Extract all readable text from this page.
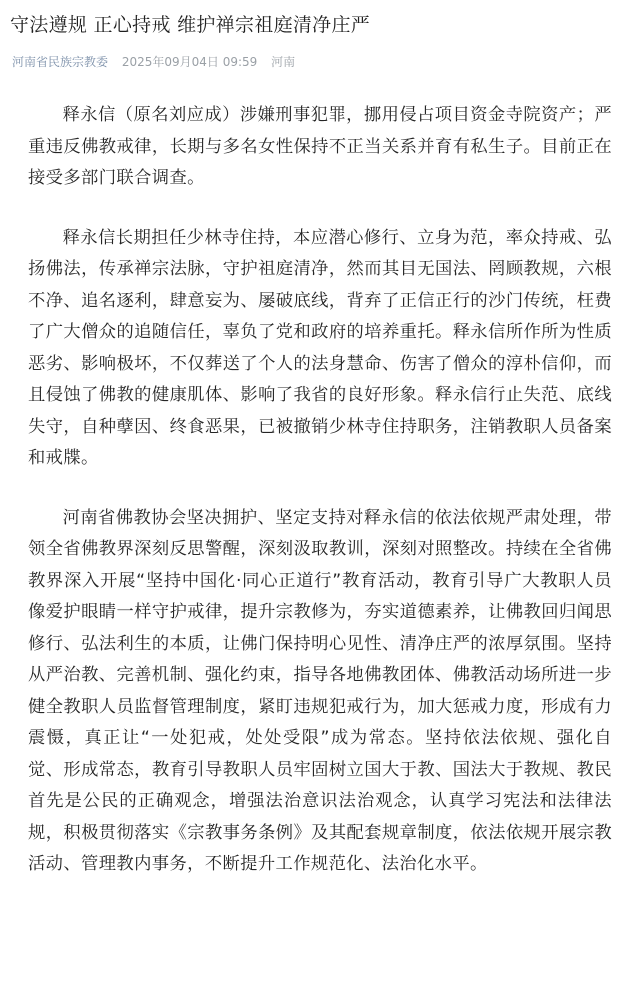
守法遵规 正心持戒 维护禅宗祖庭清净庄严
河南省民族宗教委 2025年09月04日 09:59 河南

释永信（原名刘应成）涉嫌刑事犯罪，挪用侵占项目资金寺院资产；严重违反佛教戒律，长期与多名女性保持不正当关系并育有私生子。目前正在接受多部门联合调查。

释永信长期担任少林寺住持，本应潜心修行、立身为范，率众持戒、弘扬佛法，传承禅宗法脉，守护祖庭清净，然而其目无国法、罔顾教规，六根不净、追名逐利，肆意妄为、屡破底线，背弃了正信正行的沙门传统，枉费了广大僧众的追随信任，辜负了党和政府的培养重托。释永信所作所为性质恶劣、影响极坏，不仅葬送了个人的法身慧命、伤害了僧众的淳朴信仰，而且侵蚀了佛教的健康肌体、影响了我省的良好形象。释永信行止失范、底线失守，自种孽因、终食恶果，已被撤销少林寺住持职务，注销教职人员备案和戒牒。

河南省佛教协会坚决拥护、坚定支持对释永信的依法依规严肃处理，带领全省佛教界深刻反思警醒，深刻汲取教训，深刻对照整改。持续在全省佛教界深入开展“坚持中国化·同心正道行”教育活动，教育引导广大教职人员像爱护眼睛一样守护戒律，提升宗教修为，夯实道德素养，让佛教回归闻思修行、弘法利生的本质，让佛门保持明心见性、清净庄严的浓厚氛围。坚持从严治教、完善机制、强化约束，指导各地佛教团体、佛教活动场所进一步健全教职人员监督管理制度，紧盯违规犯戒行为，加大惩戒力度，形成有力震慑，真正让“一处犯戒，处处受限”成为常态。坚持依法依规、强化自觉、形成常态，教育引导教职人员牢固树立国大于教、国法大于教规、教民首先是公民的正确观念，增强法治意识法治观念，认真学习宪法和法律法规，积极贯彻落实《宗教事务条例》及其配套规章制度，依法依规开展宗教活动、管理教内事务，不断提升工作规范化、法治化水平。
